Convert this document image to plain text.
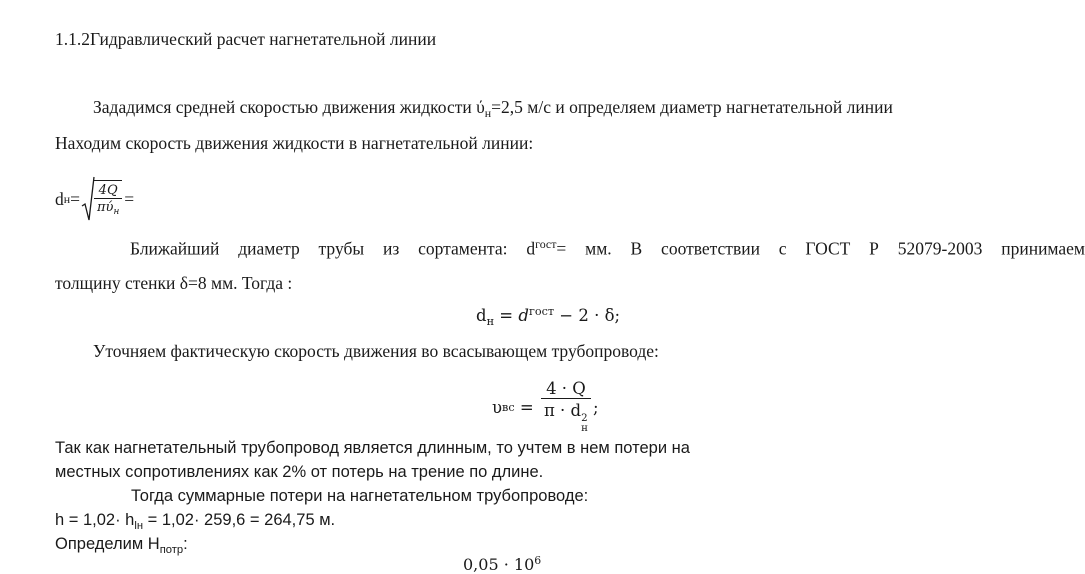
1.1.2Гидравлический расчет нагнетательной линии
Зададимся средней скоростью движения жидкости $ύ_н=2,5$ м/с и определяем диаметр нагнетательной линии
Находим скорость движения жидкости в нагнетательной линии:
d $н = \frac{4Q}{\pi ύ_н}$ =
Ближайший диаметр трубы из сортамента: $d^{гост}=$ мм. В соответствии с ГОСТ Р 52079-2003 принимаем
толщину стенки δ=8 мм. Тогда :
$d_н = d^{гост} - 2 \cdot \delta$;
Уточняем фактическую скорость движения во всасывающем трубопроводе:
υ вс = 4 · Q
π · d 2
н ;
Так как нагнетательный трубопровод является длинным, то учтем в нем потери на
местных сопротивлениях как 2% от потерь на трение по длине.
Тогда суммарные потери на нагнетательном трубопроводе:
$h = 1,02\cdot h_{lн} = 1,02\cdot 259,6 = 264,75$ м.
Определим $H_{потр}$:
$0,05 \cdot 10^6$
